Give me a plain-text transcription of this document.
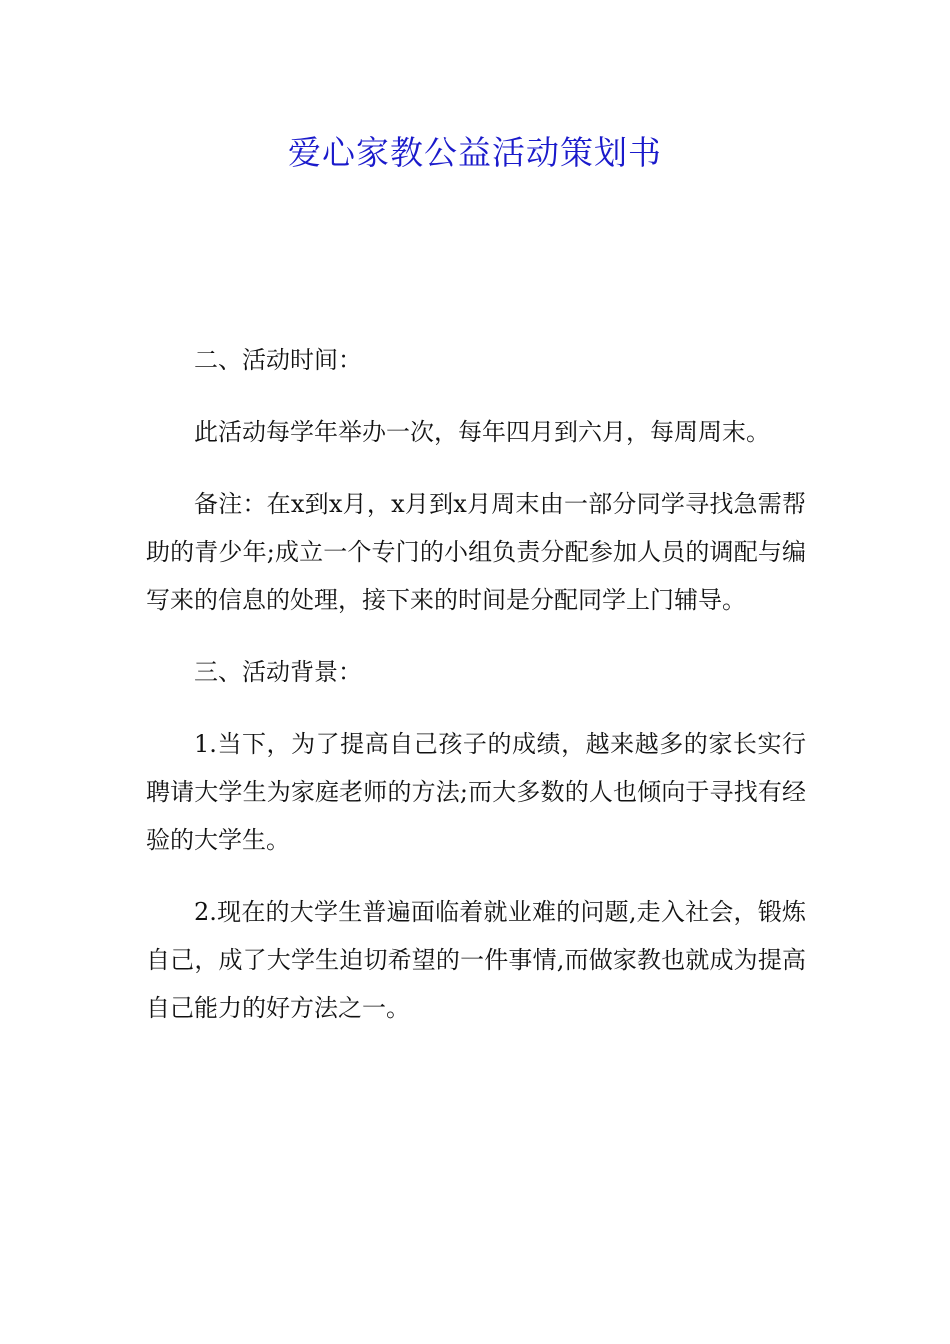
爱心家教公益活动策划书

二、活动时间：

此活动每学年举办一次，每年四月到六月，每周周末。

备注：在x到x月，x月到x月周末由一部分同学寻找急需帮助的青少年;成立一个专门的小组负责分配参加人员的调配与编写来的信息的处理，接下来的时间是分配同学上门辅导。

三、活动背景：

1.当下，为了提高自己孩子的成绩，越来越多的家长实行聘请大学生为家庭老师的方法;而大多数的人也倾向于寻找有经验的大学生。

2.现在的大学生普遍面临着就业难的问题,走入社会，锻炼自己，成了大学生迫切希望的一件事情,而做家教也就成为提高自己能力的好方法之一。
